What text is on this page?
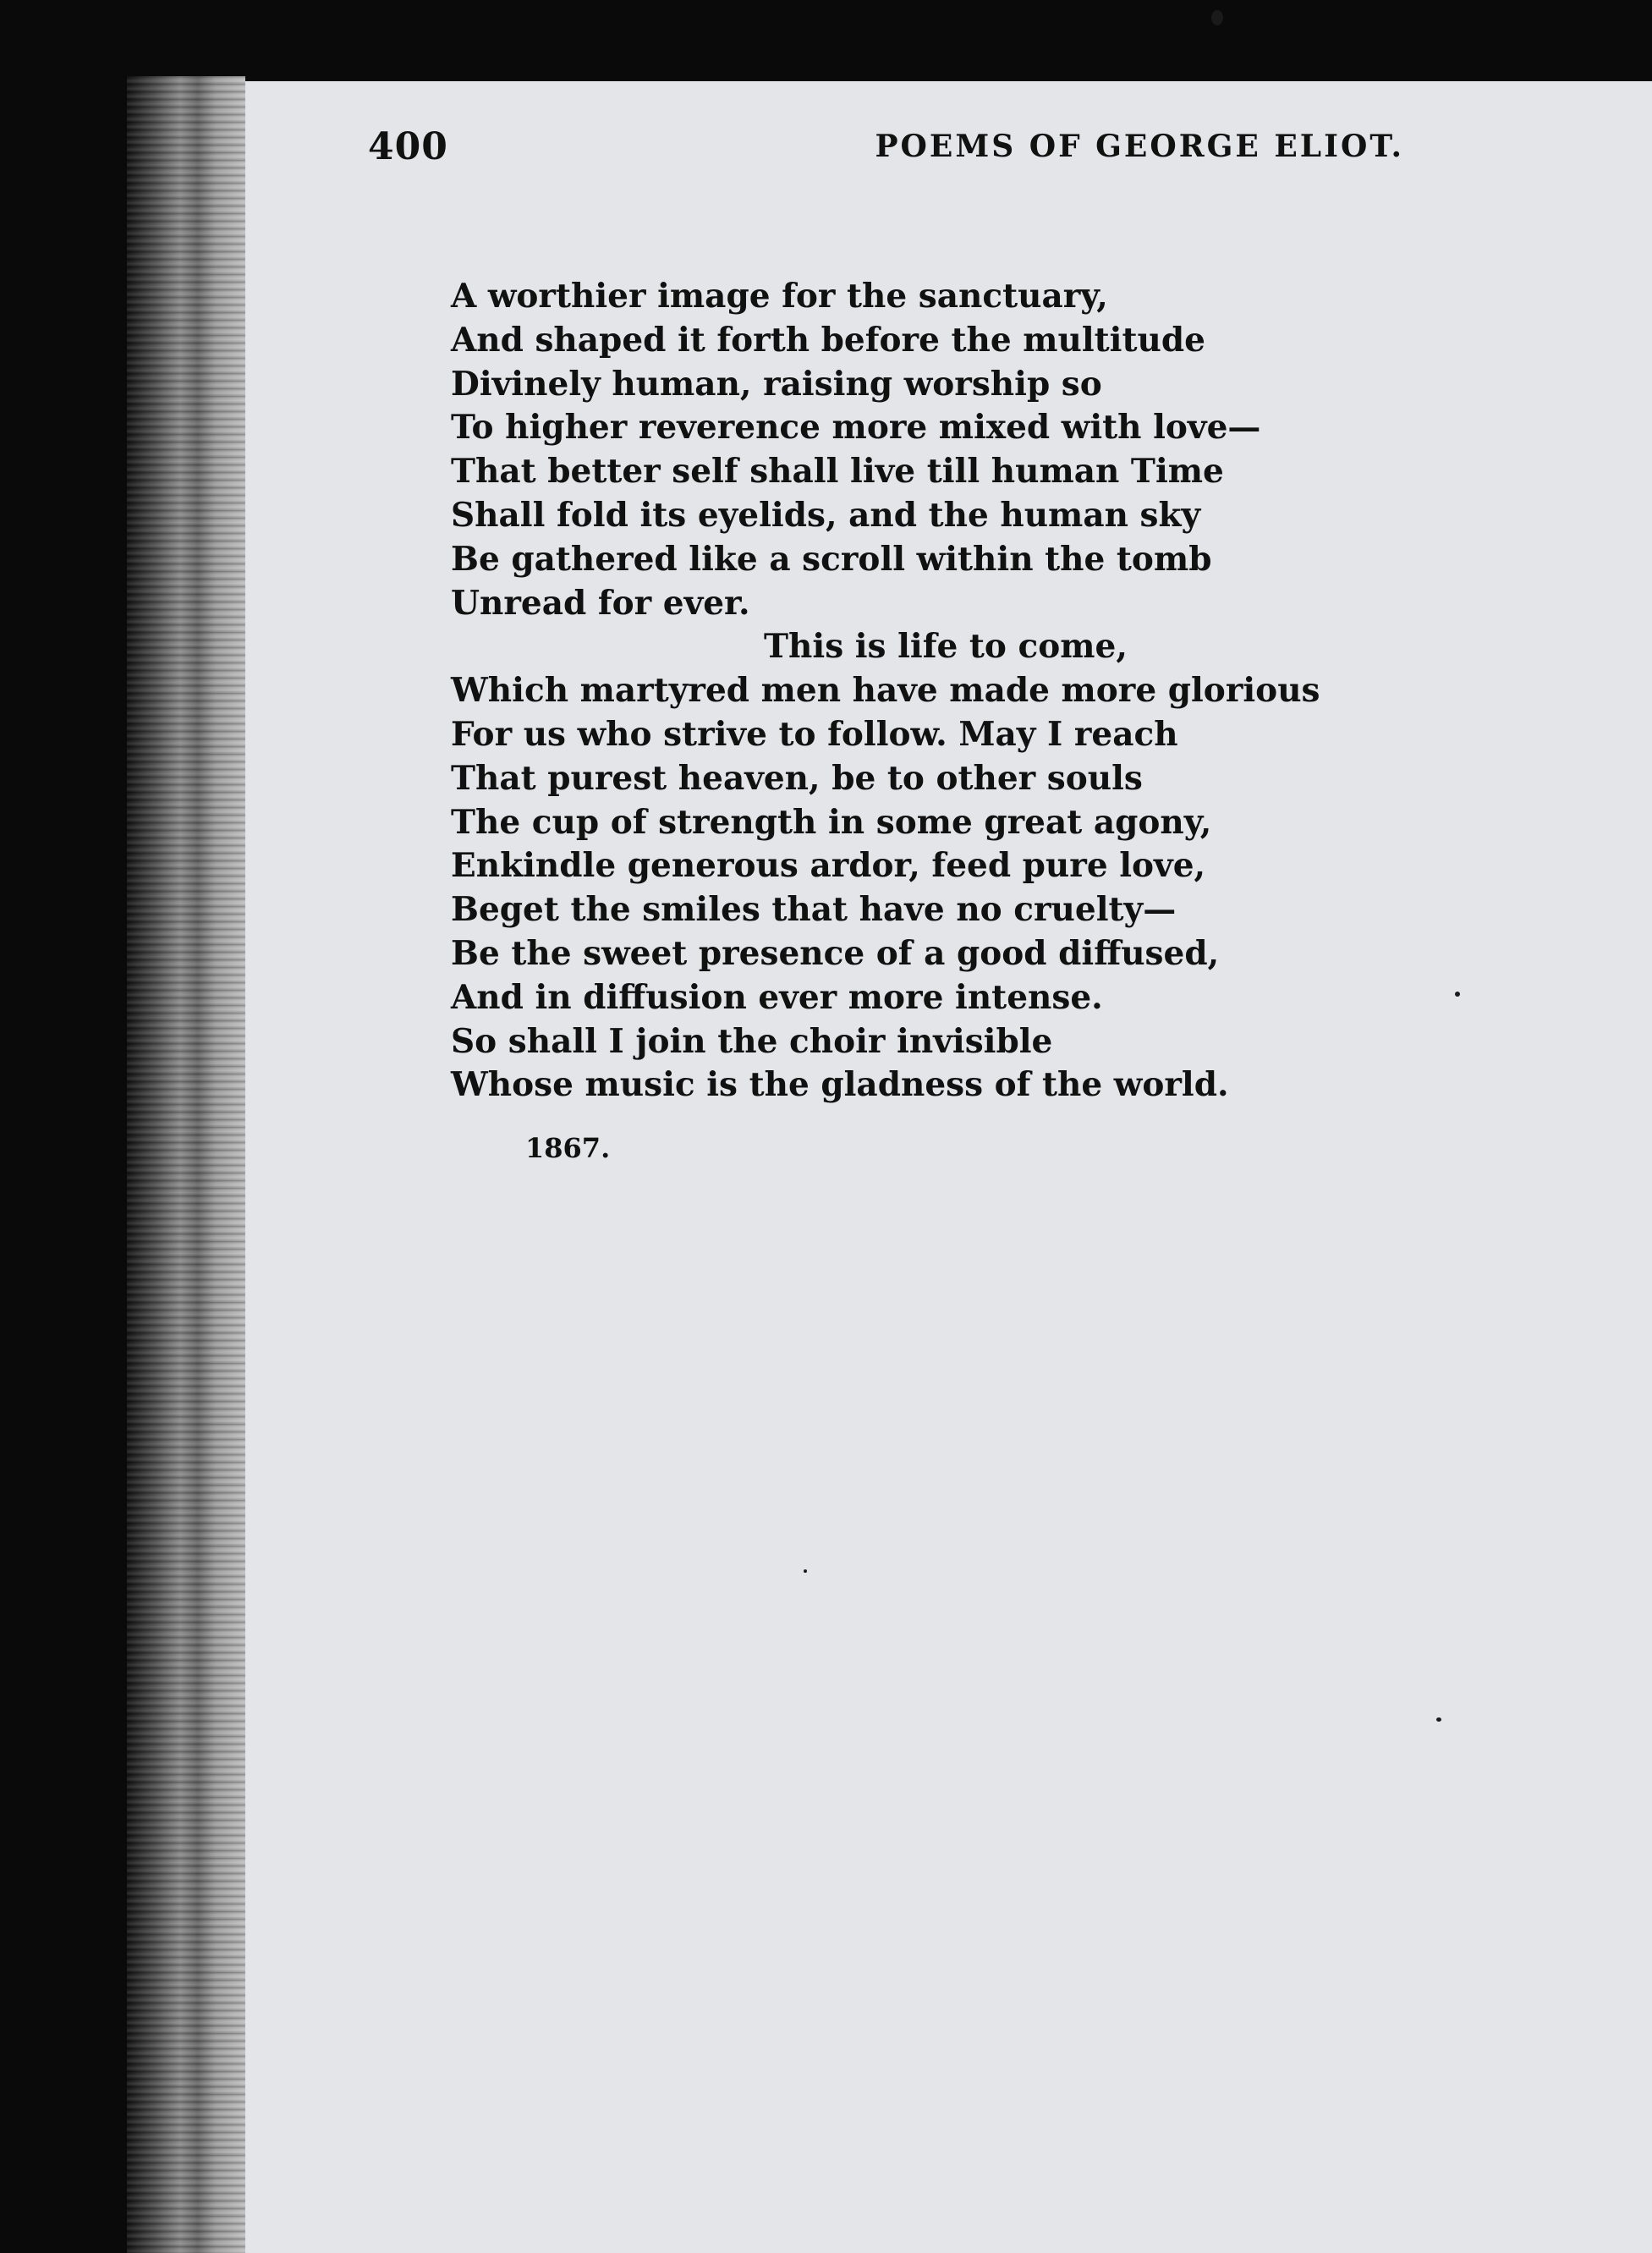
400	POEMS OF GEORGE ELIOT.
A worthier image for the sanctuary,
And shaped it forth before the multitude
Divinely human, raising worship so
To higher reverence more mixed with love—
That better self shall live till human Time
Shall fold its eyelids, and the human sky
Be gathered like a scroll within the tomb
Unread for ever.
This is life to come,
Which martyred men have made more glorious
For us who strive to follow. May I reach
That purest heaven, be to other souls
The cup of strength in some great agony,
Enkindle generous ardor, feed pure love,
Beget the smiles that have no cruelty—
Be the sweet presence of a good diffused,
And in diffusion ever more intense.
So shall I join the choir invisible
Whose music is the gladness of the world.
1867.
